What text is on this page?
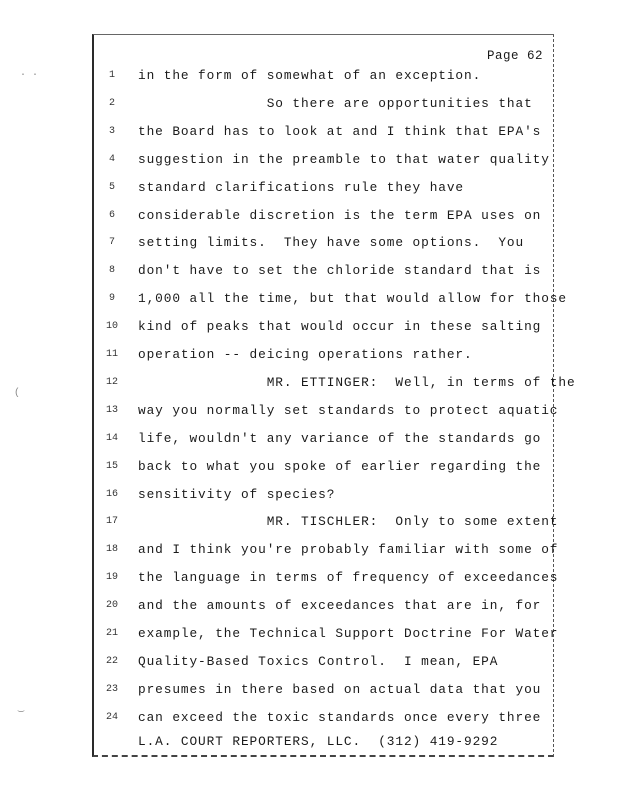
Page 62
· ·
(
‿
1	in the form of somewhat of an exception.
2	So there are opportunities that
3	the Board has to look at and I think that EPA's
4	suggestion in the preamble to that water quality
5	standard clarifications rule they have
6	considerable discretion is the term EPA uses on
7	setting limits.  They have some options.  You
8	don't have to set the chloride standard that is
9	1,000 all the time, but that would allow for those
10 kind of peaks that would occur in these salting
11 operation -- deicing operations rather.
12 MR. ETTINGER:  Well, in terms of the
13 way you normally set standards to protect aquatic
14 life, wouldn't any variance of the standards go
15 back to what you spoke of earlier regarding the
16 sensitivity of species?
17 MR. TISCHLER:  Only to some extent
18 and I think you're probably familiar with some of
19 the language in terms of frequency of exceedances
20 and the amounts of exceedances that are in, for
21 example, the Technical Support Doctrine For Water
22 Quality-Based Toxics Control.  I mean, EPA
23 presumes in there based on actual data that you
24 can exceed the toxic standards once every three
L.A. COURT REPORTERS, LLC.  (312) 419-9292
